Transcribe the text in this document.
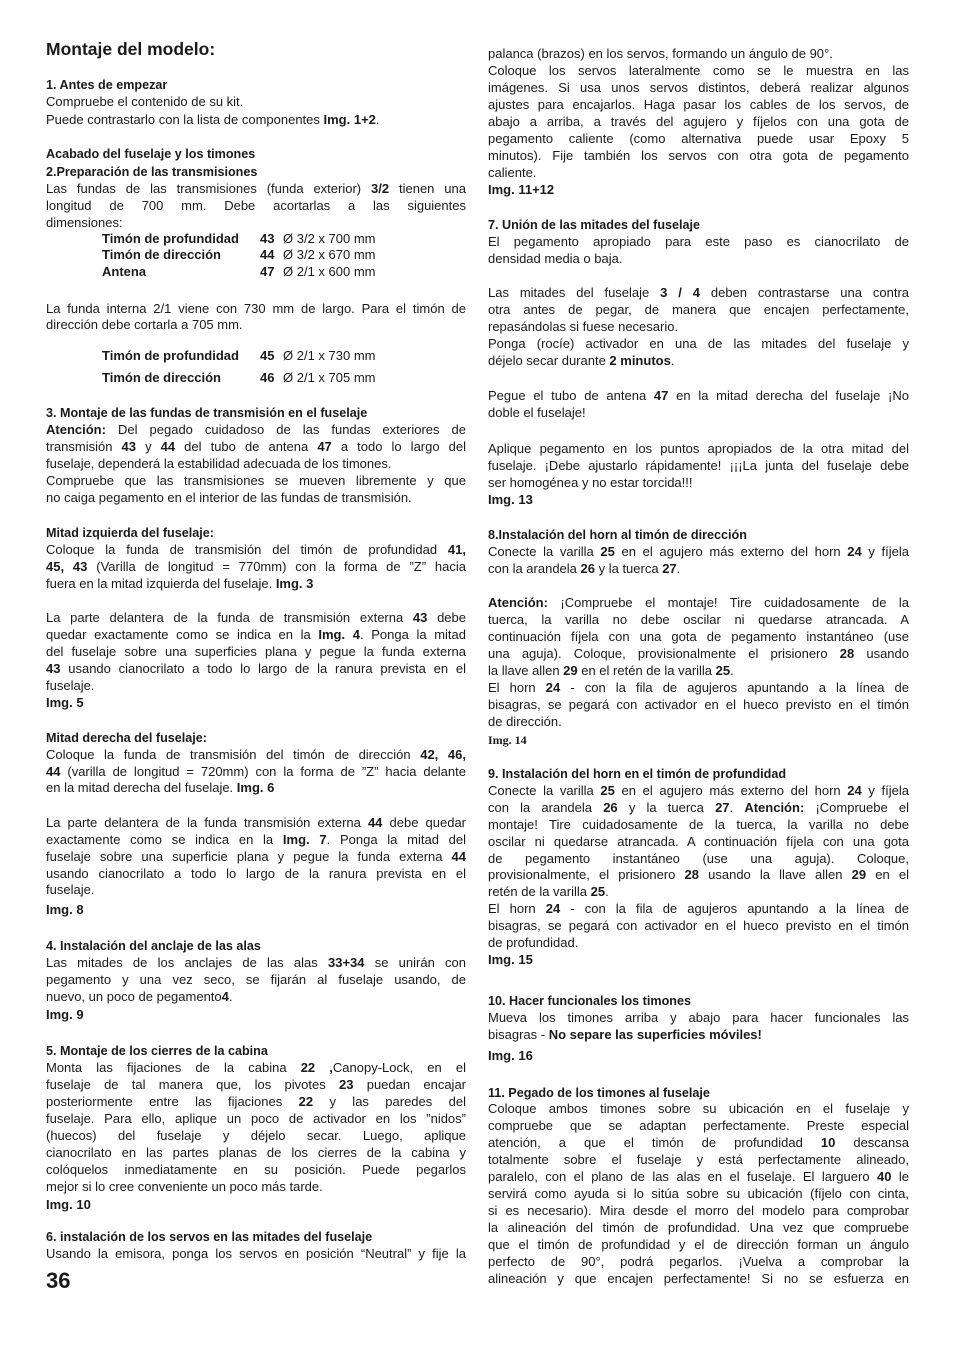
Montaje del modelo:
1. Antes de empezar
Compruebe el contenido de su kit.
Puede contrastarlo con la lista de componentes Img. 1+2.
Acabado del fuselaje y los timones
2.Preparación de las transmisiones
Las fundas de las transmisiones (funda exterior) 3/2 tienen una
longitud de 700 mm. Debe acortarlas a las siguientes
dimensiones:
La funda interna 2/1 viene con 730 mm de largo. Para el timón de
dirección debe cortarla a 705 mm.
3. Montaje de las fundas de transmisión en el fuselaje
Atención: Del pegado cuidadoso de las fundas exteriores de
transmisión 43 y 44 del tubo de antena 47 a todo lo largo del
fuselaje, dependerá la estabilidad adecuada de los timones.
Compruebe que las transmisiones se mueven libremente y que
no caiga pegamento en el interior de las fundas de transmisión.
Mitad izquierda del fuselaje:
Coloque la funda de transmisión del timón de profundidad 41,
45, 43 (Varilla de longitud = 770mm) con la forma de ”Z” hacia
fuera en la mitad izquierda del fuselaje. Img. 3
La parte delantera de la funda de transmisión externa 43 debe
quedar exactamente como se indica en la Img. 4. Ponga la mitad
del fuselaje sobre una superficies plana y pegue la funda externa
43 usando cianocrilato a todo lo largo de la ranura prevista en el
fuselaje.
Img. 5
Mitad derecha del fuselaje:
Coloque la funda de transmisión del timón de dirección 42, 46,
44 (varilla de longitud = 720mm) con la forma de ”Z” hacia delante
en la mitad derecha del fuselaje. Img. 6
La parte delantera de la funda transmisión externa 44 debe quedar
exactamente como se indica en la Img. 7. Ponga la mitad del
fuselaje sobre una superficie plana y pegue la funda externa 44
usando cianocrilato a todo lo largo de la ranura prevista en el
fuselaje.
Img. 8
4. Instalación del anclaje de las alas
Las mitades de los anclajes de las alas 33+34 se unirán con
pegamento y una vez seco, se fijarán al fuselaje usando, de
nuevo, un poco de pegamento4.
Img. 9
5. Montaje de los cierres de la cabina
Monta las fijaciones de la cabina 22 ,Canopy-Lock, en el
fuselaje de tal manera que, los pivotes 23 puedan encajar
posteriormente entre las fijaciones 22 y las paredes del
fuselaje. Para ello, aplique un poco de activador en los ”nidos”
(huecos) del fuselaje y déjelo secar. Luego, aplique
cianocrilato en las partes planas de los cierres de la cabina y
colóquelos inmediatamente en su posición. Puede pegarlos
mejor si lo cree conveniente un poco más tarde.
Img. 10
6. instalación de los servos en las mitades del fuselaje
Usando la emisora, ponga los servos en posición “Neutral” y fije la
palanca (brazos) en los servos, formando un ángulo de 90°.
Coloque los servos lateralmente como se le muestra en las
imágenes. Si usa unos servos distintos, deberá realizar algunos
ajustes para encajarlos. Haga pasar los cables de los servos, de
abajo a arriba, a través del agujero y fíjelos con una gota de
pegamento caliente (como alternativa puede usar Epoxy 5
minutos). Fije también los servos con otra gota de pegamento
caliente.
Img. 11+12
7. Unión de las mitades del fuselaje
El pegamento apropiado para este paso es cianocrilato de
densidad media o baja.
Las mitades del fuselaje 3 / 4 deben contrastarse una contra
otra antes de pegar, de manera que encajen perfectamente,
repasándolas si fuese necesario.
Ponga (rocíe) activador en una de las mitades del fuselaje y
déjelo secar durante 2 minutos.
Pegue el tubo de antena 47 en la mitad derecha del fuselaje ¡No
doble el fuselaje!
Aplique pegamento en los puntos apropiados de la otra mitad del
fuselaje. ¡Debe ajustarlo rápidamente! ¡¡¡La junta del fuselaje debe
ser homogénea y no estar torcida!!!
Img. 13
8.Instalación del horn al timón de dirección
Conecte la varilla 25 en el agujero más externo del horn 24 y fíjela
con la arandela 26 y la tuerca 27.
Atención: ¡Compruebe el montaje! Tire cuidadosamente de la
tuerca, la varilla no debe oscilar ni quedarse atrancada. A
continuación fíjela con una gota de pegamento instantáneo (use
una aguja). Coloque, provisionalmente el prisionero 28 usando
la llave allen 29 en el retén de la varilla 25.
El horn 24 - con la fila de agujeros apuntando a la línea de
bisagras, se pegará con activador en el hueco previsto en el timón
de dirección.
Img. 14
9. Instalación del horn en el timón de profundidad
Conecte la varilla 25 en el agujero más externo del horn 24 y fíjela
con la arandela 26 y la tuerca 27. Atención: ¡Compruebe el
montaje! Tire cuidadosamente de la tuerca, la varilla no debe
oscilar ni quedarse atrancada. A continuación fíjela con una gota
de pegamento instantáneo (use una aguja). Coloque,
provisionalmente, el prisionero 28 usando la llave allen 29 en el
retén de la varilla 25.
El horn 24 - con la fila de agujeros apuntando a la línea de
bisagras, se pegará con activador en el hueco previsto en el timón
de profundidad.
Img. 15
10. Hacer funcionales los timones
Mueva los timones arriba y abajo para hacer funcionales las
bisagras - No separe las superficies móviles!
Img. 16
11. Pegado de los timones al fuselaje
Coloque ambos timones sobre su ubicación en el fuselaje y
compruebe que se adaptan perfectamente. Preste especial
atención, a que el timón de profundidad 10 descansa
totalmente sobre el fuselaje y está perfectamente alineado,
paralelo, con el plano de las alas en el fuselaje. El larguero 40 le
servirá como ayuda si lo sitúa sobre su ubicación (fíjelo con cinta,
si es necesario). Mira desde el morro del modelo para comprobar
la alineación del timón de profundidad. Una vez que compruebe
que el timón de profundidad y el de dirección forman un ángulo
perfecto de 90°, podrá pegarlos. ¡Vuelva a comprobar la
alineación y que encajen perfectamente! Si no se esfuerza en
Timón de profundidad 43 Ø 3/2 x 700 mm
Timón de dirección	44 Ø 3/2 x 670 mm
Antena	47 Ø 2/1 x 600 mm
Timón de profundidad 45 Ø 2/1 x 730 mm
Timón de dirección	46 Ø 2/1 x 705 mm
36
